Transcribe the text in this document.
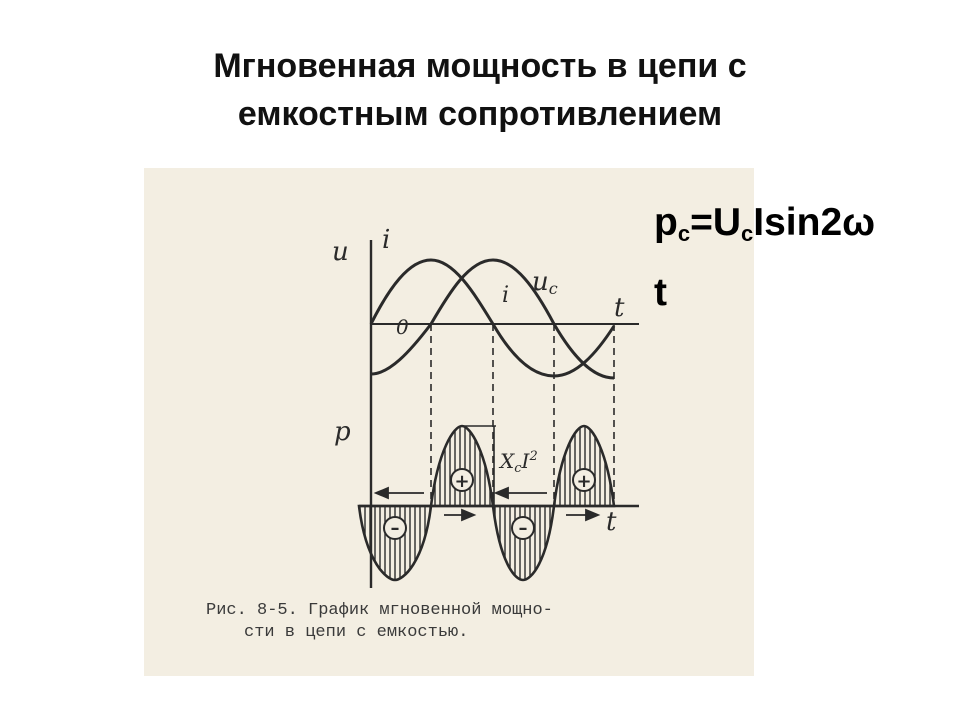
Мгновенная мощность в цепи с
емкостным сопротивлением
+	+
–	–
u i
0
i uc
t
p
$X_cI^2$
t
Рис. 8-5. График мгновенной мощно-
сти в цепи с емкостью.
$p_c=U_cIsin2\omega$
t
